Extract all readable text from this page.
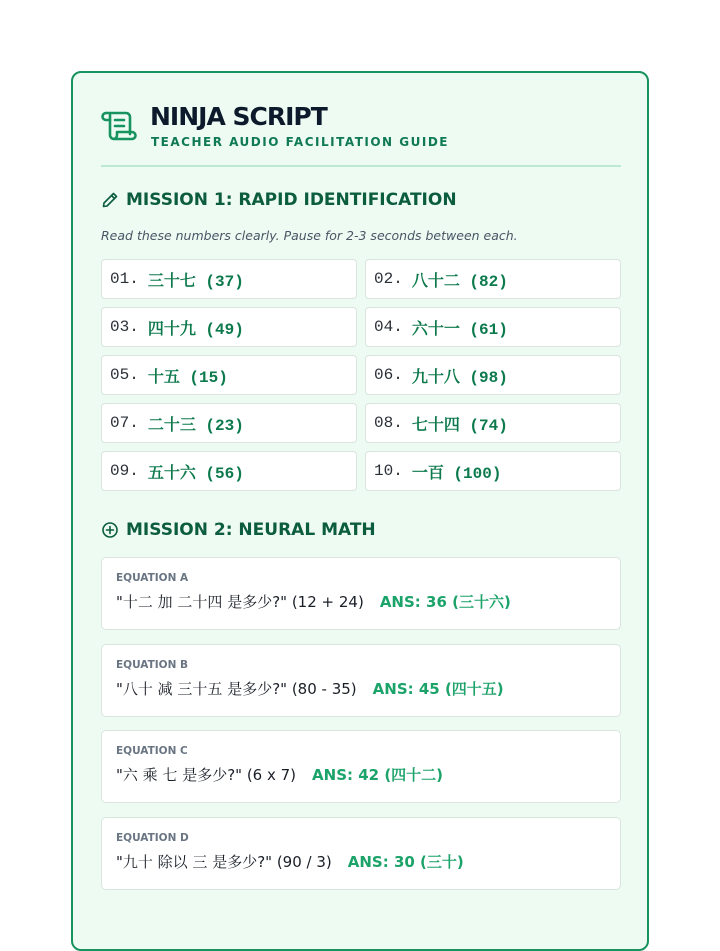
NINJA SCRIPT
TEACHER AUDIO FACILITATION GUIDE
MISSION 1: RAPID IDENTIFICATION
Read these numbers clearly. Pause for 2-3 seconds between each.
01. 三十七 (37)	02. 八十二 (82)
03. 四十九 (49)	04. 六十一 (61)
05. 十五 (15)	06. 九十八 (98)
07. 二十三 (23)	08. 七十四 (74)
09. 五十六 (56)	10. 一百 (100)
MISSION 2: NEURAL MATH
EQUATION A
"十二 加 二十四 是多少?" (12 + 24) ANS: 36 (三十六)
EQUATION B
"八十 减 三十五 是多少?" (80 - 35) ANS: 45 (四十五)
EQUATION C
"六 乘 七 是多少?" (6 x 7) ANS: 42 (四十二)
EQUATION D
"九十 除以 三 是多少?" (90 / 3) ANS: 30 (三十)
